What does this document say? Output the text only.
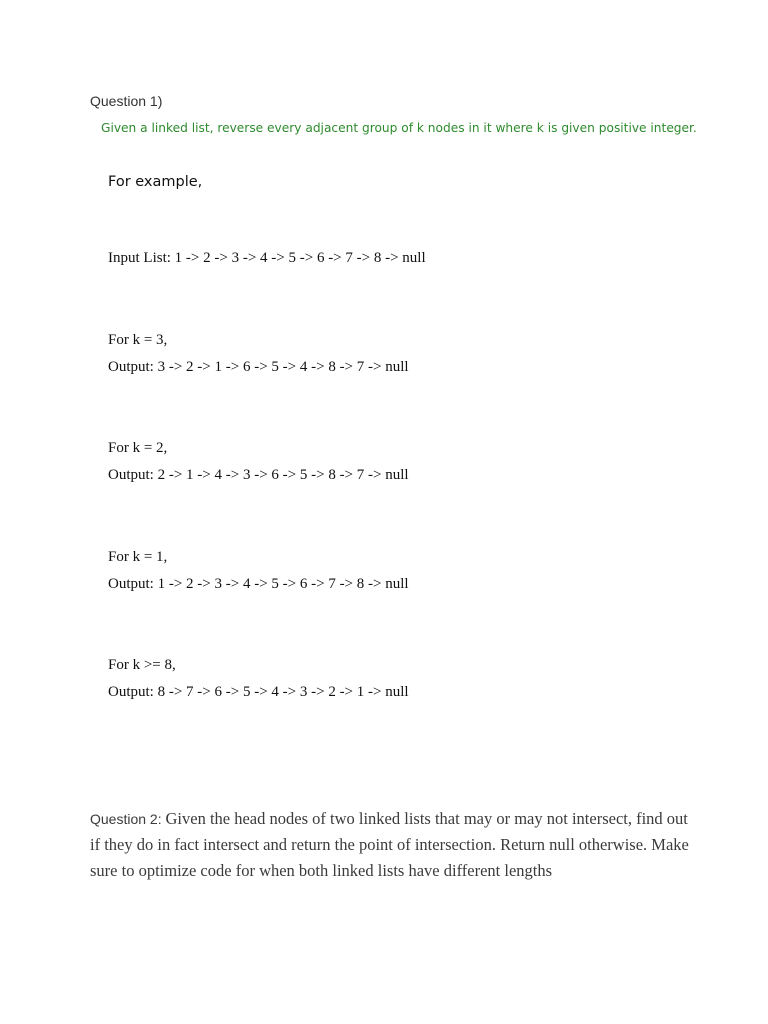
Question 1)
Given a linked list, reverse every adjacent group of k nodes in it where k is given positive integer.
For example,
Input List: 1 -> 2 -> 3 -> 4 -> 5 -> 6 -> 7 -> 8 -> null
For k = 3,
Output: 3 -> 2 -> 1 -> 6 -> 5 -> 4 -> 8 -> 7 -> null
For k = 2,
Output: 2 -> 1 -> 4 -> 3 -> 6 -> 5 -> 8 -> 7 -> null
For k = 1,
Output: 1 -> 2 -> 3 -> 4 -> 5 -> 6 -> 7 -> 8 -> null
For k >= 8,
Output: 8 -> 7 -> 6 -> 5 -> 4 -> 3 -> 2 -> 1 -> null
Question 2: Given the head nodes of two linked lists that may or may not intersect, find out if they do in fact intersect and return the point of intersection. Return null otherwise. Make sure to optimize code for when both linked lists have different lengths
